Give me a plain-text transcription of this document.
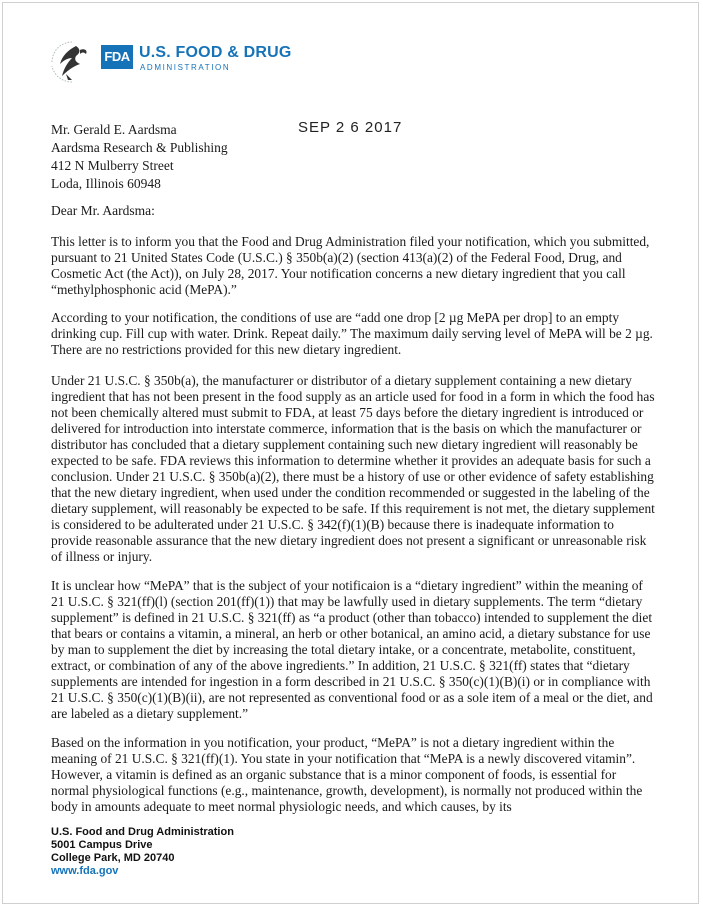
FDA U.S. FOOD & DRUG
ADMINISTRATION
SEP 2 6 2017
Mr. Gerald E. Aardsma
Aardsma Research & Publishing
412 N Mulberry Street
Loda, Illinois 60948
Dear Mr. Aardsma:
This letter is to inform you that the Food and Drug Administration filed your notification, which you submitted, pursuant to 21 United States Code (U.S.C.) § 350b(a)(2) (section 413(a)(2) of the Federal Food, Drug, and Cosmetic Act (the Act)), on July 28, 2017. Your notification concerns a new dietary ingredient that you call “methylphosphonic acid (MePA).”
According to your notification, the conditions of use are “add one drop [2 µg MePA per drop] to an empty drinking cup. Fill cup with water. Drink. Repeat daily.” The maximum daily serving level of MePA will be 2 µg. There are no restrictions provided for this new dietary ingredient.
Under 21 U.S.C. § 350b(a), the manufacturer or distributor of a dietary supplement containing a new dietary ingredient that has not been present in the food supply as an article used for food in a form in which the food has not been chemically altered must submit to FDA, at least 75 days before the dietary ingredient is introduced or delivered for introduction into interstate commerce, information that is the basis on which the manufacturer or distributor has concluded that a dietary supplement containing such new dietary ingredient will reasonably be expected to be safe. FDA reviews this information to determine whether it provides an adequate basis for such a conclusion. Under 21 U.S.C. § 350b(a)(2), there must be a history of use or other evidence of safety establishing that the new dietary ingredient, when used under the condition recommended or suggested in the labeling of the dietary supplement, will reasonably be expected to be safe. If this requirement is not met, the dietary supplement is considered to be adulterated under 21 U.S.C. § 342(f)(1)(B) because there is inadequate information to provide reasonable assurance that the new dietary ingredient does not present a significant or unreasonable risk of illness or injury.
It is unclear how “MePA” that is the subject of your notificaion is a “dietary ingredient” within the meaning of 21 U.S.C. § 321(ff)(l) (section 201(ff)(1)) that may be lawfully used in dietary supplements. The term “dietary supplement” is defined in 21 U.S.C. § 321(ff) as “a product (other than tobacco) intended to supplement the diet that bears or contains a vitamin, a mineral, an herb or other botanical, an amino acid, a dietary substance for use by man to supplement the diet by increasing the total dietary intake, or a concentrate, metabolite, constituent, extract, or combination of any of the above ingredients.” In addition, 21 U.S.C. § 321(ff) states that “dietary supplements are intended for ingestion in a form described in 21 U.S.C. § 350(c)(1)(B)(i) or in compliance with 21 U.S.C. § 350(c)(1)(B)(ii), are not represented as conventional food or as a sole item of a meal or the diet, and are labeled as a dietary supplement.”
Based on the information in you notification, your product, “MePA” is not a dietary ingredient within the meaning of 21 U.S.C. § 321(ff)(1). You state in your notification that “MePA is a newly discovered vitamin”. However, a vitamin is defined as an organic substance that is a minor component of foods, is essential for normal physiological functions (e.g., maintenance, growth, development), is normally not produced within the body in amounts adequate to meet normal physiologic needs, and which causes, by its
U.S. Food and Drug Administration
5001 Campus Drive
College Park, MD 20740
www.fda.gov
